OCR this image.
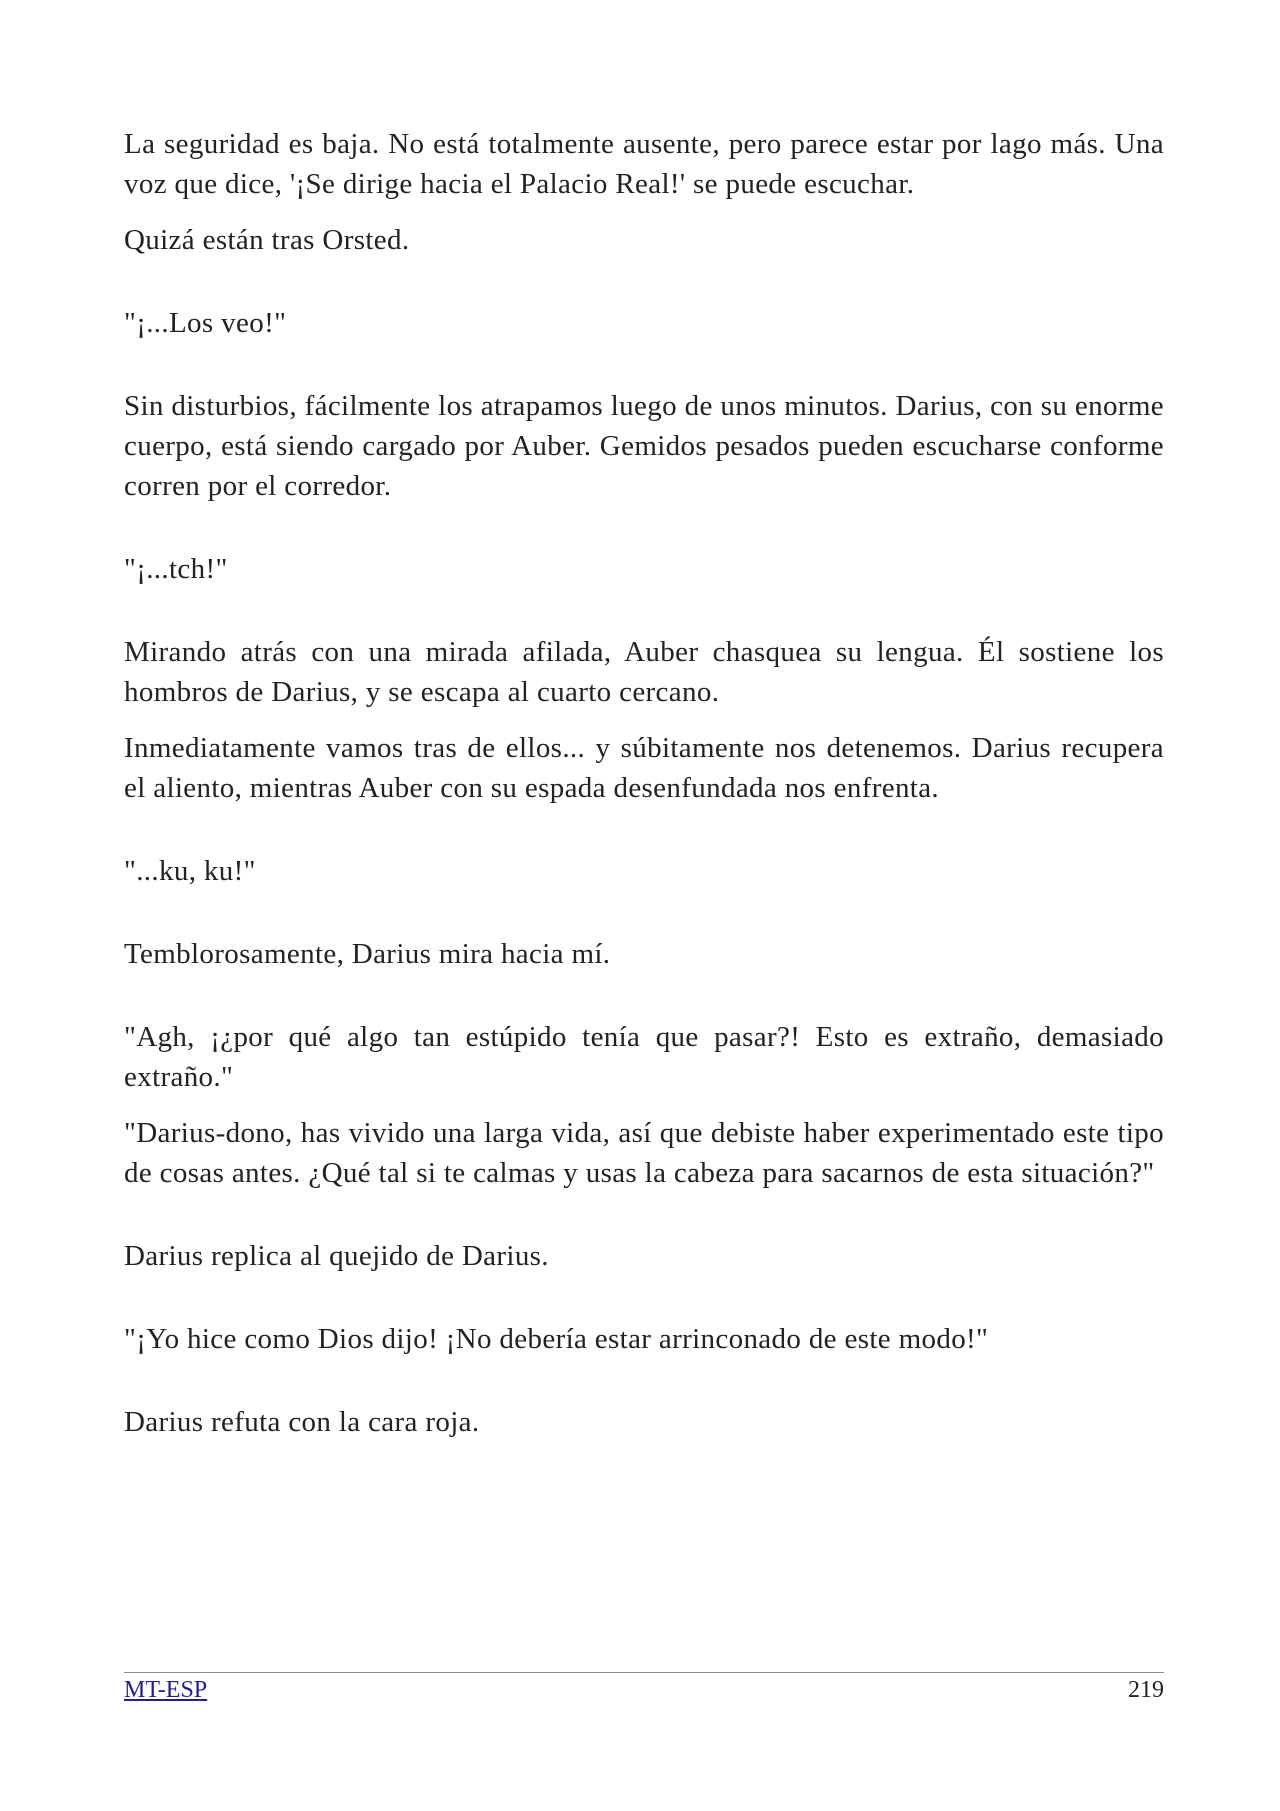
La seguridad es baja. No está totalmente ausente, pero parece estar por lago más. Una voz que dice, '¡Se dirige hacia el Palacio Real!' se puede escuchar.

Quizá están tras Orsted.

"¡...Los veo!"

Sin disturbios, fácilmente los atrapamos luego de unos minutos. Darius, con su enorme cuerpo, está siendo cargado por Auber. Gemidos pesados pueden escucharse conforme corren por el corredor.

"¡...tch!"

Mirando atrás con una mirada afilada, Auber chasquea su lengua. Él sostiene los hombros de Darius, y se escapa al cuarto cercano.

Inmediatamente vamos tras de ellos... y súbitamente nos detenemos. Darius recupera el aliento, mientras Auber con su espada desenfundada nos enfrenta.

"...ku, ku!"

Temblorosamente, Darius mira hacia mí.

"Agh, ¡¿por qué algo tan estúpido tenía que pasar?! Esto es extraño, demasiado extraño."

"Darius-dono, has vivido una larga vida, así que debiste haber experimentado este tipo de cosas antes. ¿Qué tal si te calmas y usas la cabeza para sacarnos de esta situación?"

Darius replica al quejido de Darius.

"¡Yo hice como Dios dijo! ¡No debería estar arrinconado de este modo!"

Darius refuta con la cara roja.

MT-ESP	219
